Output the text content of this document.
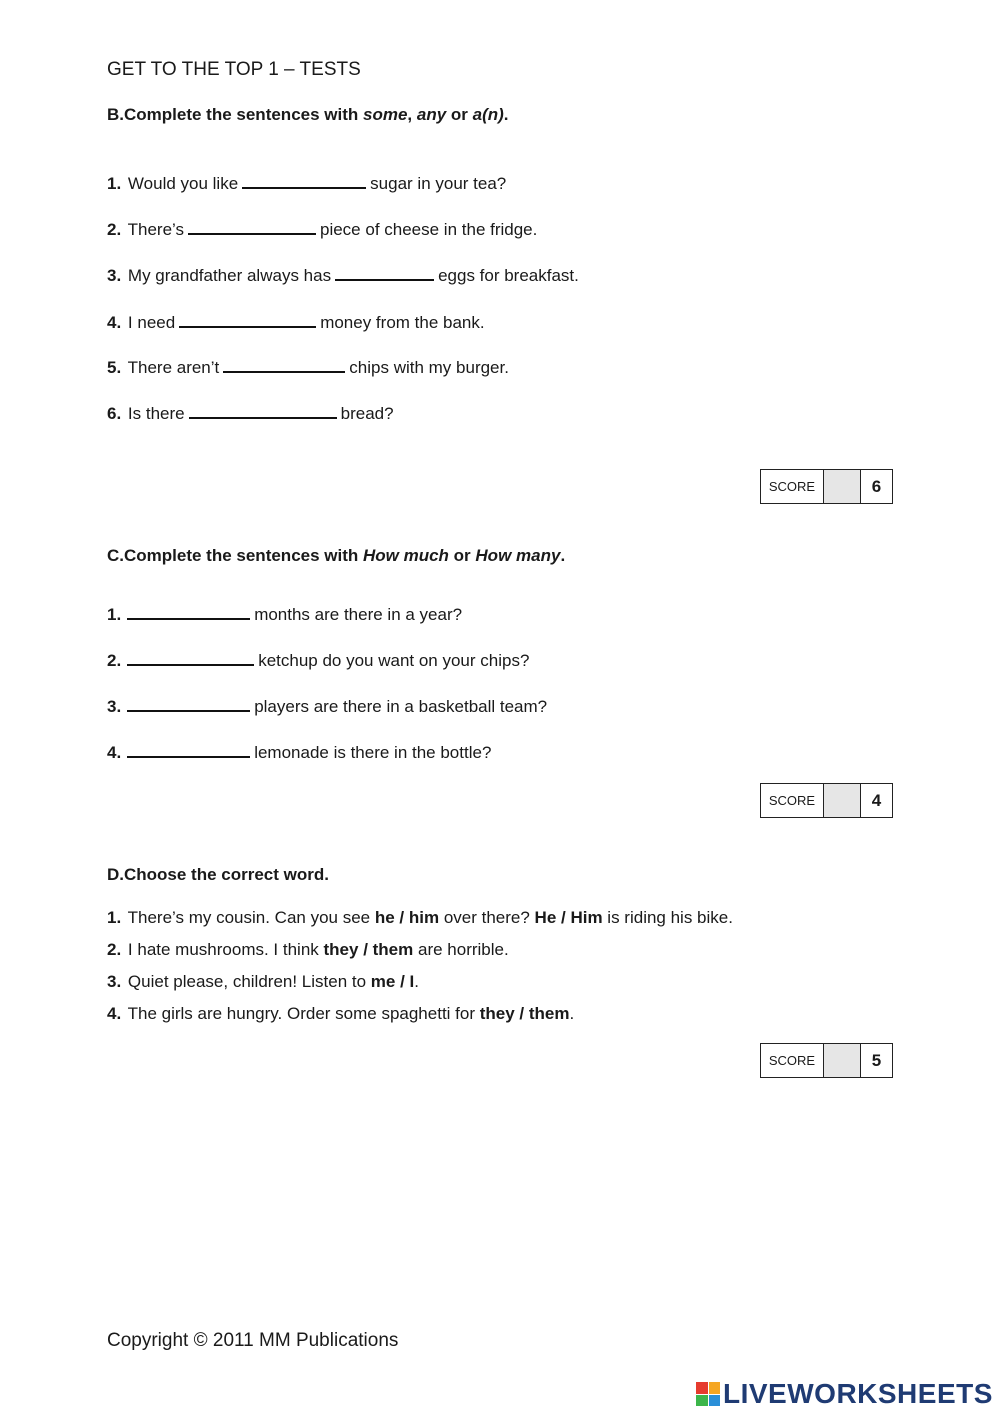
GET TO THE TOP 1 – TESTS
B.Complete the sentences with some, any or a(n).
1. Would you like	sugar in your tea?
2. There’s	piece of cheese in the fridge.
3. My grandfather always has	eggs for breakfast.
4. I need	money from the bank.
5. There aren’t	chips with my burger.
6. Is there	bread?
SCORE	6
C.Complete the sentences with How much or How many.
1.	months are there in a year?
2.	ketchup do you want on your chips?
3.	players are there in a basketball team?
4.	lemonade is there in the bottle?
SCORE	4
D.Choose the correct word.
1. There’s my cousin. Can you see he / him over there? He / Him is riding his bike.
2. I hate mushrooms. I think they / them are horrible.
3. Quiet please, children! Listen to me / I.
4. The girls are hungry. Order some spaghetti for they / them.
SCORE	5
Copyright © 2011 MM Publications
LIVEWORKSHEETS
